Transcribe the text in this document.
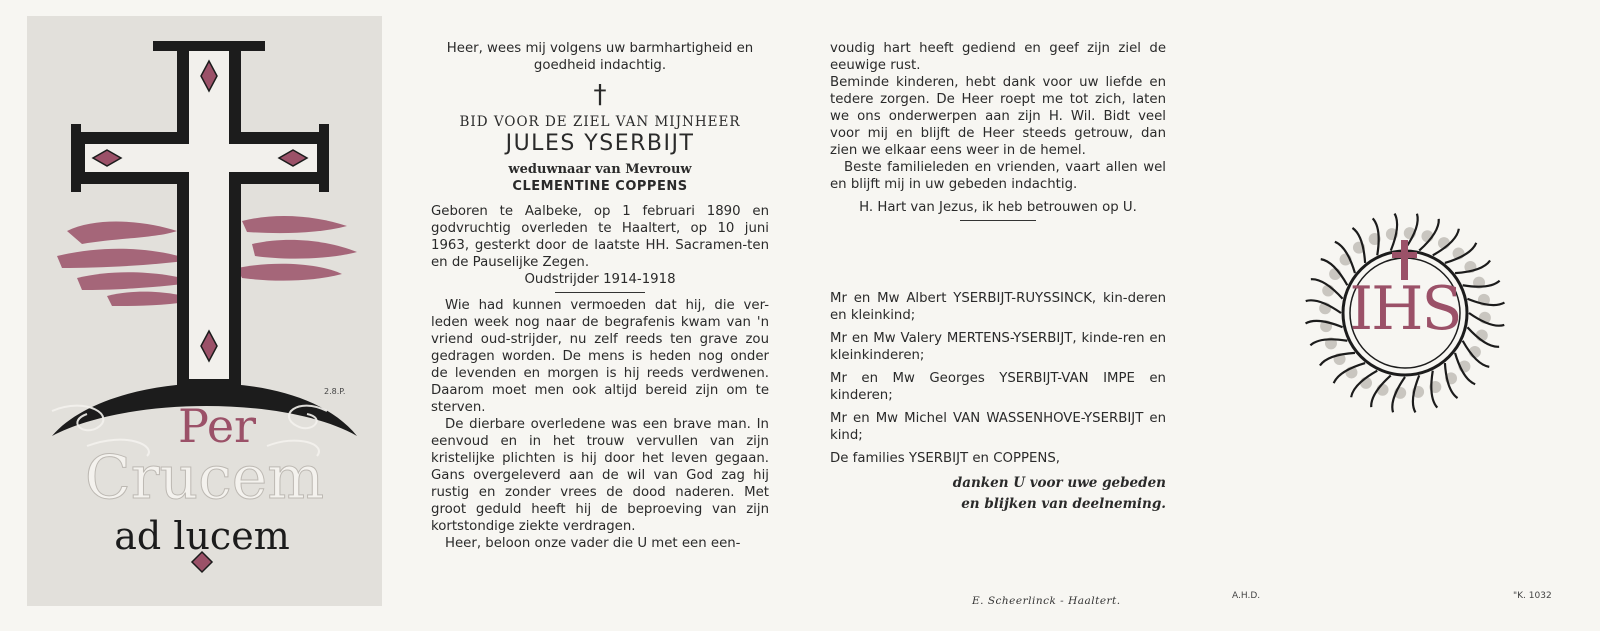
Per
Crucem
ad lucem
2.8.P.

Heer, wees mij volgens uw barmhartigheid en goedheid indachtig.

†

BID VOOR DE ZIEL VAN MIJNHEER

JULES YSERBIJT

weduwnaar van Mevrouw

CLEMENTINE COPPENS

Geboren te Aalbeke, op 1 februari 1890 en godvruchtig overleden te Haaltert, op 10 juni 1963, gesterkt door de laatste HH. Sacramen-ten en de Pauselijke Zegen.

Oudstrijder 1914-1918

Wie had kunnen vermoeden dat hij, die ver-leden week nog naar de begrafenis kwam van 'n vriend oud-strijder, nu zelf reeds ten grave zou gedragen worden. De mens is heden nog onder de levenden en morgen is hij reeds verdwenen. Daarom moet men ook altijd bereid zijn om te sterven.

De dierbare overledene was een brave man. In eenvoud en in het trouw vervullen van zijn kristelijke plichten is hij door het leven gegaan. Gans overgeleverd aan de wil van God zag hij rustig en zonder vrees de dood naderen. Met groot geduld heeft hij de beproeving van zijn kortstondige ziekte verdragen.

Heer, beloon onze vader die U met een een-

voudig hart heeft gediend en geef zijn ziel de eeuwige rust.

Beminde kinderen, hebt dank voor uw liefde en tedere zorgen. De Heer roept me tot zich, laten we ons onderwerpen aan zijn H. Wil. Bidt veel voor mij en blijft de Heer steeds getrouw, dan zien we elkaar eens weer in de hemel.

Beste familieleden en vrienden, vaart allen wel en blijft mij in uw gebeden indachtig.

H. Hart van Jezus, ik heb betrouwen op U.

Mr en Mw Albert YSERBIJT-RUYSSINCK, kin-deren en kleinkind;

Mr en Mw Valery MERTENS-YSERBIJT, kinde-ren en kleinkinderen;

Mr en Mw Georges YSERBIJT-VAN IMPE en kinderen;

Mr en Mw Michel VAN WASSENHOVE-YSERBIJT en kind;

De families YSERBIJT en COPPENS,

danken U voor uwe gebeden

en blijken van deelneming.

IHS
E. Scheerlinck - Haaltert.	A.H.D.	"K. 1032
